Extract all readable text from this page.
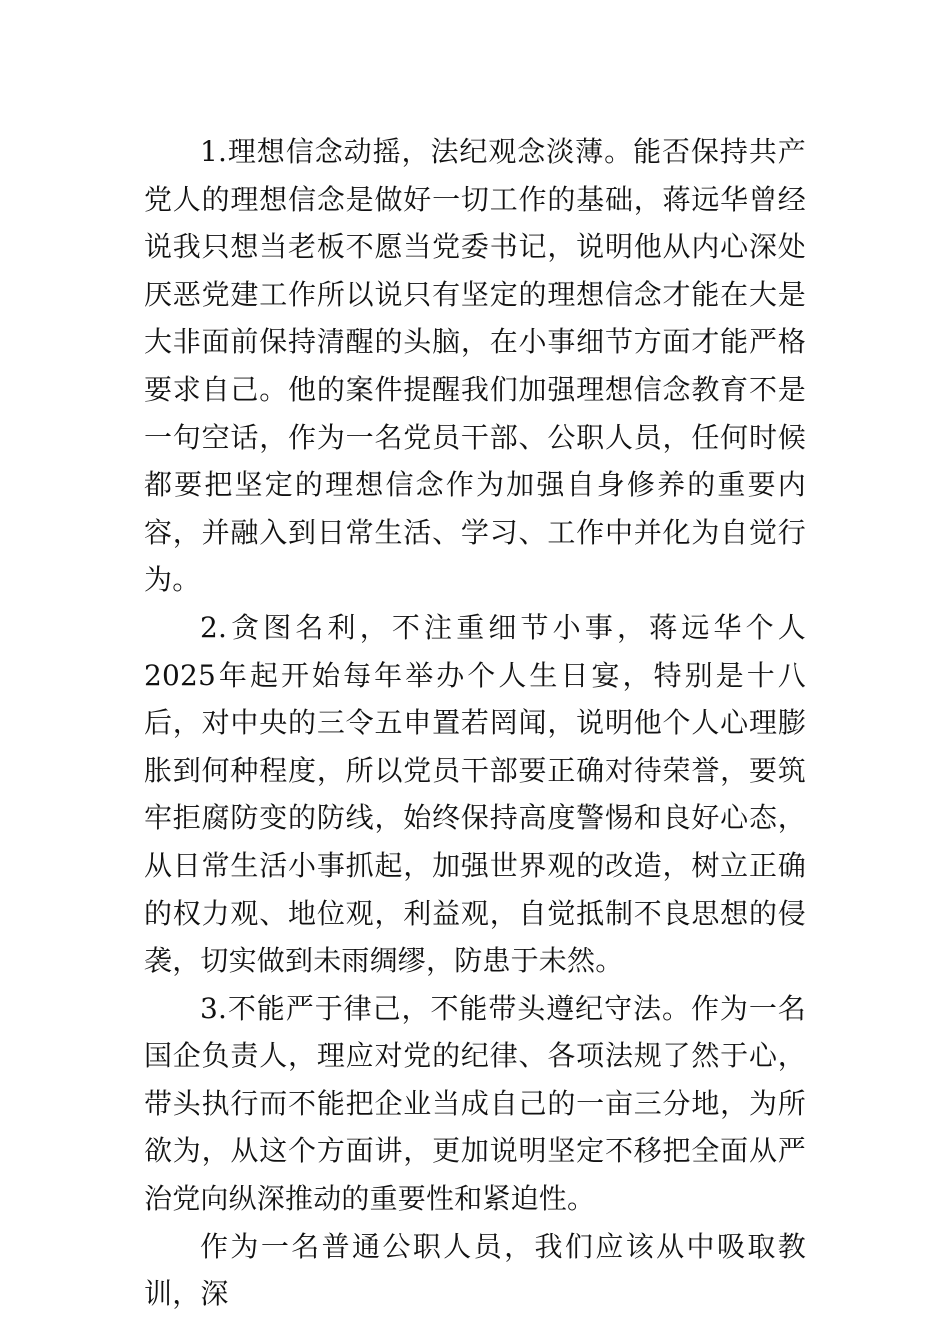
1.理想信念动摇，法纪观念淡薄。能否保持共产党人的理想信念是做好一切工作的基础，蒋远华曾经说我只想当老板不愿当党委书记，说明他从内心深处厌恶党建工作所以说只有坚定的理想信念才能在大是大非面前保持清醒的头脑，在小事细节方面才能严格要求自己。他的案件提醒我们加强理想信念教育不是一句空话，作为一名党员干部、公职人员，任何时候都要把坚定的理想信念作为加强自身修养的重要内容，并融入到日常生活、学习、工作中并化为自觉行为。

2.贪图名利，不注重细节小事，蒋远华个人2025年起开始每年举办个人生日宴，特别是十八后，对中央的三令五申置若罔闻，说明他个人心理膨胀到何种程度，所以党员干部要正确对待荣誉，要筑牢拒腐防变的防线，始终保持高度警惕和良好心态，从日常生活小事抓起，加强世界观的改造，树立正确的权力观、地位观，利益观，自觉抵制不良思想的侵袭，切实做到未雨绸缪，防患于未然。

3.不能严于律己，不能带头遵纪守法。作为一名国企负责人，理应对党的纪律、各项法规了然于心，带头执行而不能把企业当成自己的一亩三分地，为所欲为，从这个方面讲，更加说明坚定不移把全面从严治党向纵深推动的重要性和紧迫性。

作为一名普通公职人员，我们应该从中吸取教训，深
